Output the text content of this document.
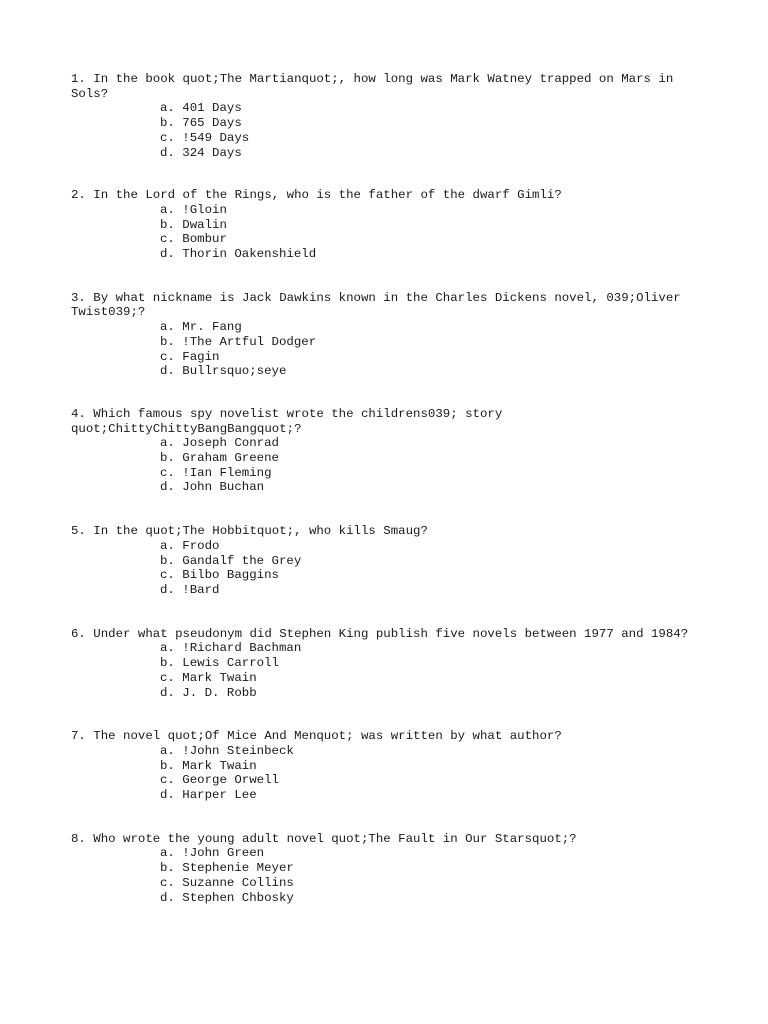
1. In the book quot;The Martianquot;, how long was Mark Watney trapped on Mars in Sols?

a. 401 Days
b. 765 Days
c. !549 Days
d. 324 Days

2. In the Lord of the Rings, who is the father of the dwarf Gimli?

a. !Gloin
b. Dwalin
c. Bombur
d. Thorin Oakenshield

3. By what nickname is Jack Dawkins known in the Charles Dickens novel, 039;Oliver Twist039;?

a. Mr. Fang
b. !The Artful Dodger
c. Fagin
d. Bullrsquo;seye

4. Which famous spy novelist wrote the childrens039; story quot;ChittyChittyBangBangquot;?

a. Joseph Conrad
b. Graham Greene
c. !Ian Fleming
d. John Buchan

5. In the quot;The Hobbitquot;, who kills Smaug?

a. Frodo
b. Gandalf the Grey
c. Bilbo Baggins
d. !Bard

6. Under what pseudonym did Stephen King publish five novels between 1977 and 1984?

a. !Richard Bachman
b. Lewis Carroll
c. Mark Twain
d. J. D. Robb

7. The novel quot;Of Mice And Menquot; was written by what author?

a. !John Steinbeck
b. Mark Twain
c. George Orwell
d. Harper Lee

8. Who wrote the young adult novel quot;The Fault in Our Starsquot;?

a. !John Green
b. Stephenie Meyer
c. Suzanne Collins
d. Stephen Chbosky
